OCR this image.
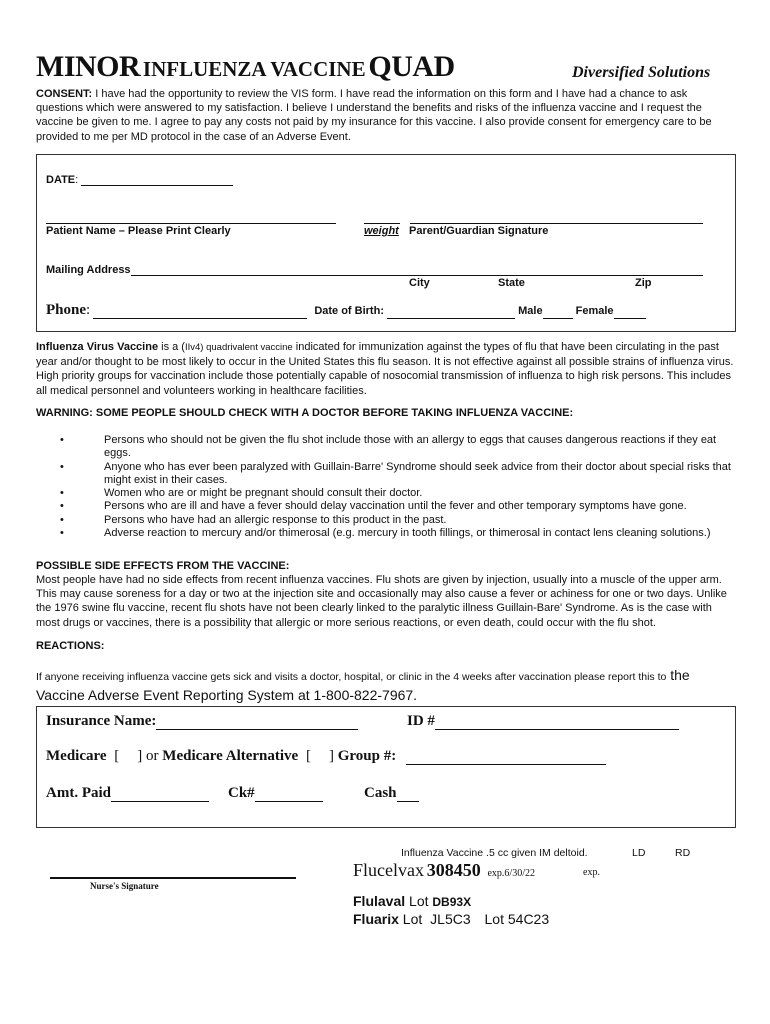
MINOR INFLUENZA VACCINE QUAD	Diversified Solutions
CONSENT: I have had the opportunity to review the VIS form. I have read the information on this form and I have had a chance to ask questions which were answered to my satisfaction. I believe I understand the benefits and risks of the influenza vaccine and I request the vaccine be given to me. I agree to pay any costs not paid by my insurance for this vaccine. I also provide consent for emergency care to be provided to me per MD protocol in the case of an Adverse Event.
DATE:
Patient Name – Please Print Clearly	weight Parent/Guardian Signature
Mailing Address
City	State	Zip
Phone:	Date of Birth:	Male	Female
Influenza Virus Vaccine is a (IIv4) quadrivalent vaccine indicated for immunization against the types of flu that have been circulating in the past year and/or thought to be most likely to occur in the United States this flu season. It is not effective against all possible strains of influenza virus. High priority groups for vaccination include those potentially capable of nosocomial transmission of influenza to high risk persons. This includes all medical personnel and volunteers working in healthcare facilities.
WARNING: SOME PEOPLE SHOULD CHECK WITH A DOCTOR BEFORE TAKING INFLUENZA VACCINE:
• Persons who should not be given the flu shot include those with an allergy to eggs that causes dangerous reactions if they eat eggs.
• Anyone who has ever been paralyzed with Guillain-Barre' Syndrome should seek advice from their doctor about special risks that might exist in their cases.
• Women who are or might be pregnant should consult their doctor.
• Persons who are ill and have a fever should delay vaccination until the fever and other temporary symptoms have gone.
• Persons who have had an allergic response to this product in the past.
• Adverse reaction to mercury and/or thimerosal (e.g. mercury in tooth fillings, or thimerosal in contact lens cleaning solutions.)
POSSIBLE SIDE EFFECTS FROM THE VACCINE:
Most people have had no side effects from recent influenza vaccines. Flu shots are given by injection, usually into a muscle of the upper arm. This may cause soreness for a day or two at the injection site and occasionally may also cause a fever or achiness for one or two days. Unlike the 1976 swine flu vaccine, recent flu shots have not been clearly linked to the paralytic illness Guillain-Bare' Syndrome. As is the case with most drugs or vaccines, there is a possibility that allergic or more serious reactions, or even death, could occur with the flu shot.
REACTIONS:
If anyone receiving influenza vaccine gets sick and visits a doctor, hospital, or clinic in the 4 weeks after vaccination please report this to the
Vaccine Adverse Event Reporting System at 1-800-822-7967.
Insurance Name:	ID #
Medicare [ ] or Medicare Alternative [ ] Group #:
Amt. Paid	Ck#	Cash
Influenza Vaccine .5 cc given IM deltoid.	LD	RD
Nurse's Signature
Flucelvax 308450 exp.6/30/22	exp.
Flulaval Lot DB93X
Fluarix Lot JL5C3 Lot 54C23
